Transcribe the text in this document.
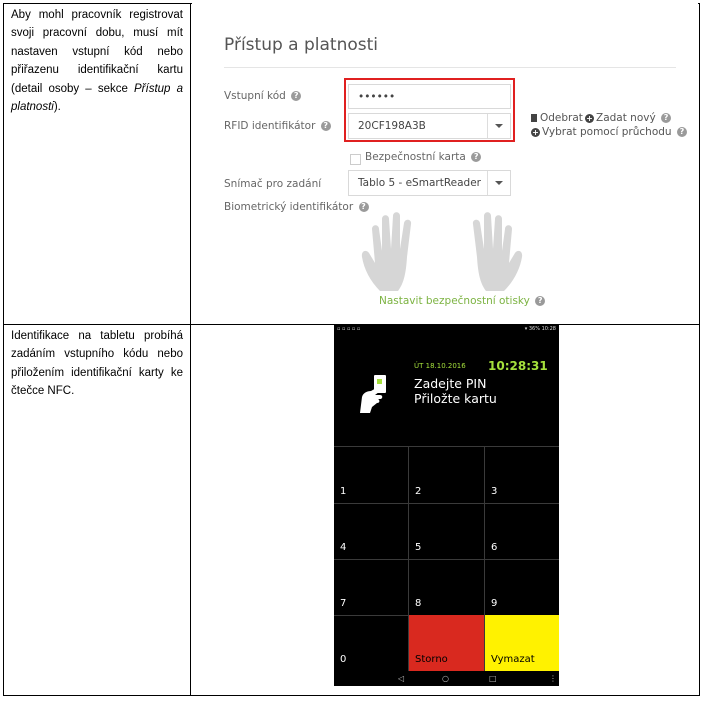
Aby mohl pracovník registrovat svoji pracovní dobu, musí mít nastaven vstupní kód nebo přiřazenu identifikační kartu (detail osoby – sekce Přístup a platnosti).
Identifikace na tabletu probíhá zadáním vstupního kódu nebo přiložením identifikační karty ke čtečce NFC.
Přístup a platnosti
Vstupní kód ?	••••••
RFID identifikátor ?	20CF198A3B
Odebrat + Zadat nový ?
+ Vybrat pomocí průchodu ?
Bezpečnostní karta ?
Snímač pro zadání	Tablo 5 - eSmartReader
Biometrický identifikátor ?
Nastavit bezpečnostní otisky ?
▫ ▫ ▫ ▫ ▫	▾ 36% 10:28
ÚT 18.10.2016 10:28:31
Zadejte PIN
Přiložte kartu
1	2	3
4	5	6
7	8	9
0	Storno	Vymazat
◁	○	□	⋮
